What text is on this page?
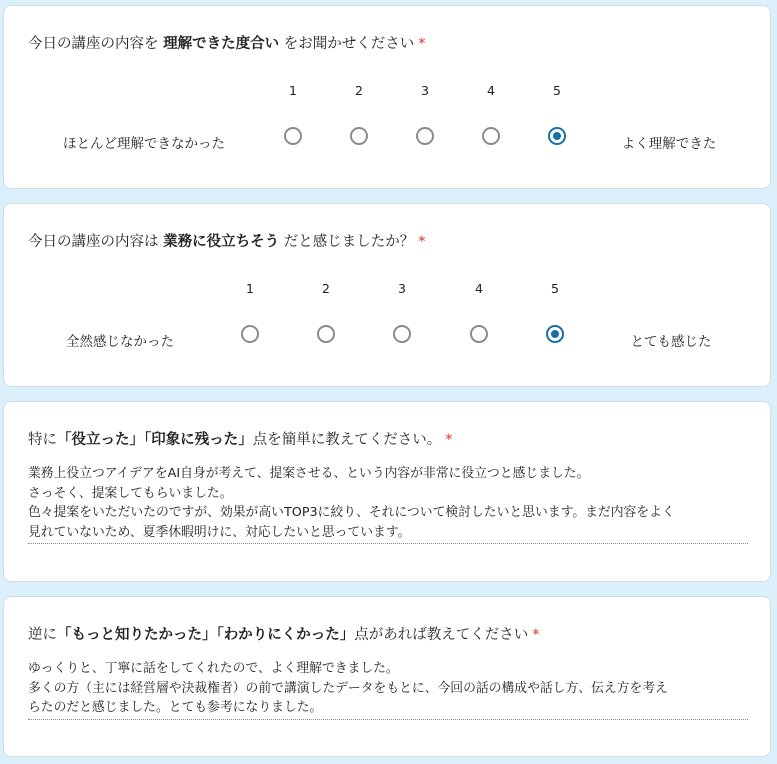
今日の講座の内容を 理解できた度合い をお聞かせください *
1	2	3	4	5
ほとんど理解できなかった	よく理解できた
今日の講座の内容は 業務に役立ちそう だと感じましたか？ *
1	2	3	4	5
全然感じなかった	とても感じた
特に「役立った」「印象に残った」点を簡単に教えてください。 *
業務上役立つアイデアをAI自身が考えて、提案させる、という内容が非常に役立つと感じました。
さっそく、提案してもらいました。
色々提案をいただいたのですが、効果が高いTOP3に絞り、それについて検討したいと思います。まだ内容をよく
見れていないため、夏季休暇明けに、対応したいと思っています。
逆に「もっと知りたかった」「わかりにくかった」点があれば教えてください *
ゆっくりと、丁寧に話をしてくれたので、よく理解できました。
多くの方（主には経営層や決裁権者）の前で講演したデータをもとに、今回の話の構成や話し方、伝え方を考え
らたのだと感じました。とても参考になりました。
